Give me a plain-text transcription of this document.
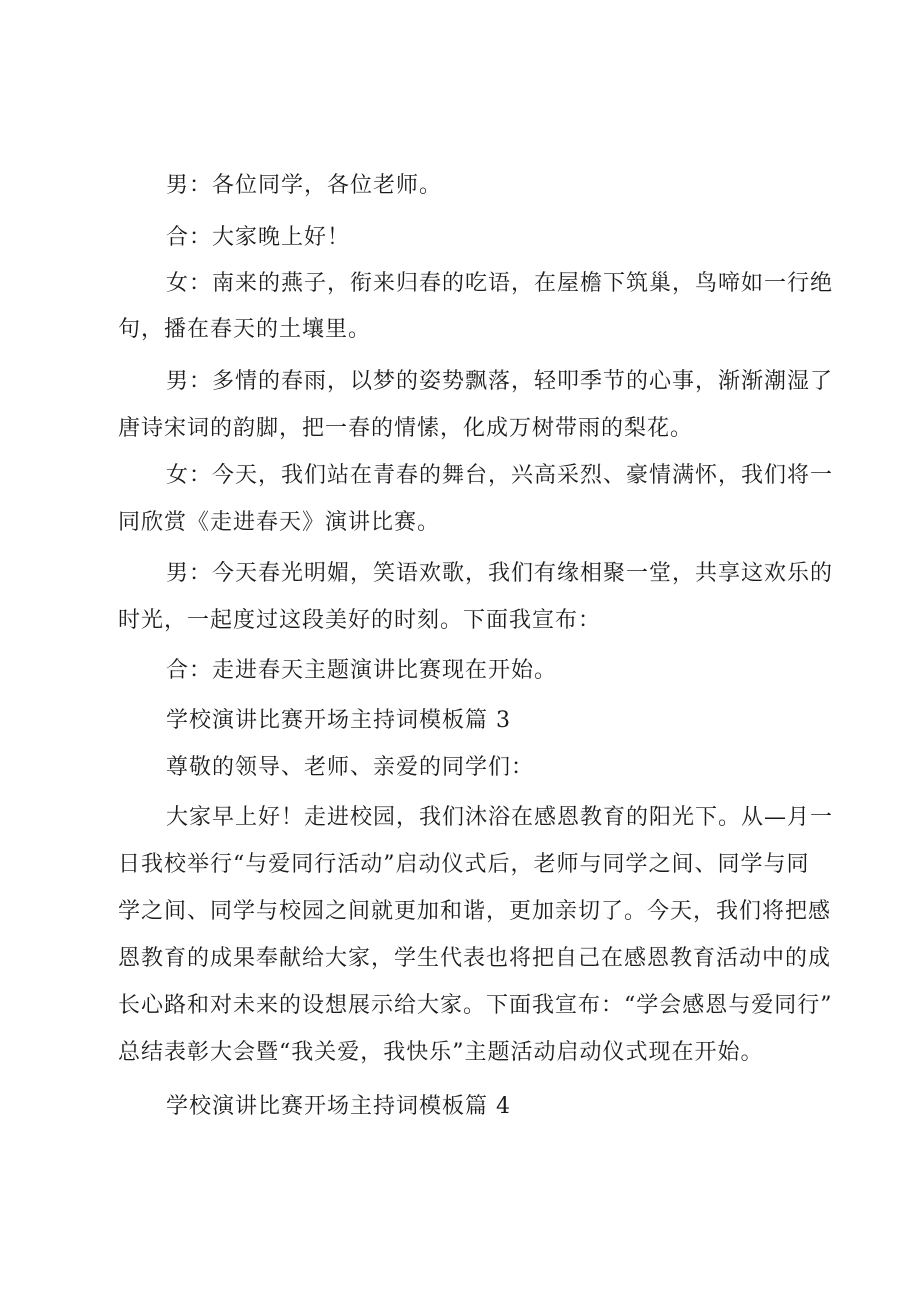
男：各位同学，各位老师。
合：大家晚上好！
女：南来的燕子，衔来归春的吃语，在屋檐下筑巢，鸟啼如一行绝
句，播在春天的土壤里。
男：多情的春雨，以梦的姿势飘落，轻叩季节的心事，渐渐潮湿了
唐诗宋词的韵脚，把一春的情愫，化成万树带雨的梨花。
女：今天，我们站在青春的舞台，兴高采烈、豪情满怀，我们将一
同欣赏《走进春天》演讲比赛。
男：今天春光明媚，笑语欢歌，我们有缘相聚一堂，共享这欢乐的
时光，一起度过这段美好的时刻。下面我宣布：
合：走进春天主题演讲比赛现在开始。
学校演讲比赛开场主持词模板篇 3
尊敬的领导、老师、亲爱的同学们：
大家早上好！走进校园，我们沐浴在感恩教育的阳光下。从—月一
日我校举行“与爱同行活动”启动仪式后，老师与同学之间、同学与同
学之间、同学与校园之间就更加和谐，更加亲切了。今天，我们将把感
恩教育的成果奉献给大家，学生代表也将把自己在感恩教育活动中的成
长心路和对未来的设想展示给大家。下面我宣布：“学会感恩与爱同行”
总结表彰大会暨“我关爱，我快乐”主题活动启动仪式现在开始。
学校演讲比赛开场主持词模板篇 4
